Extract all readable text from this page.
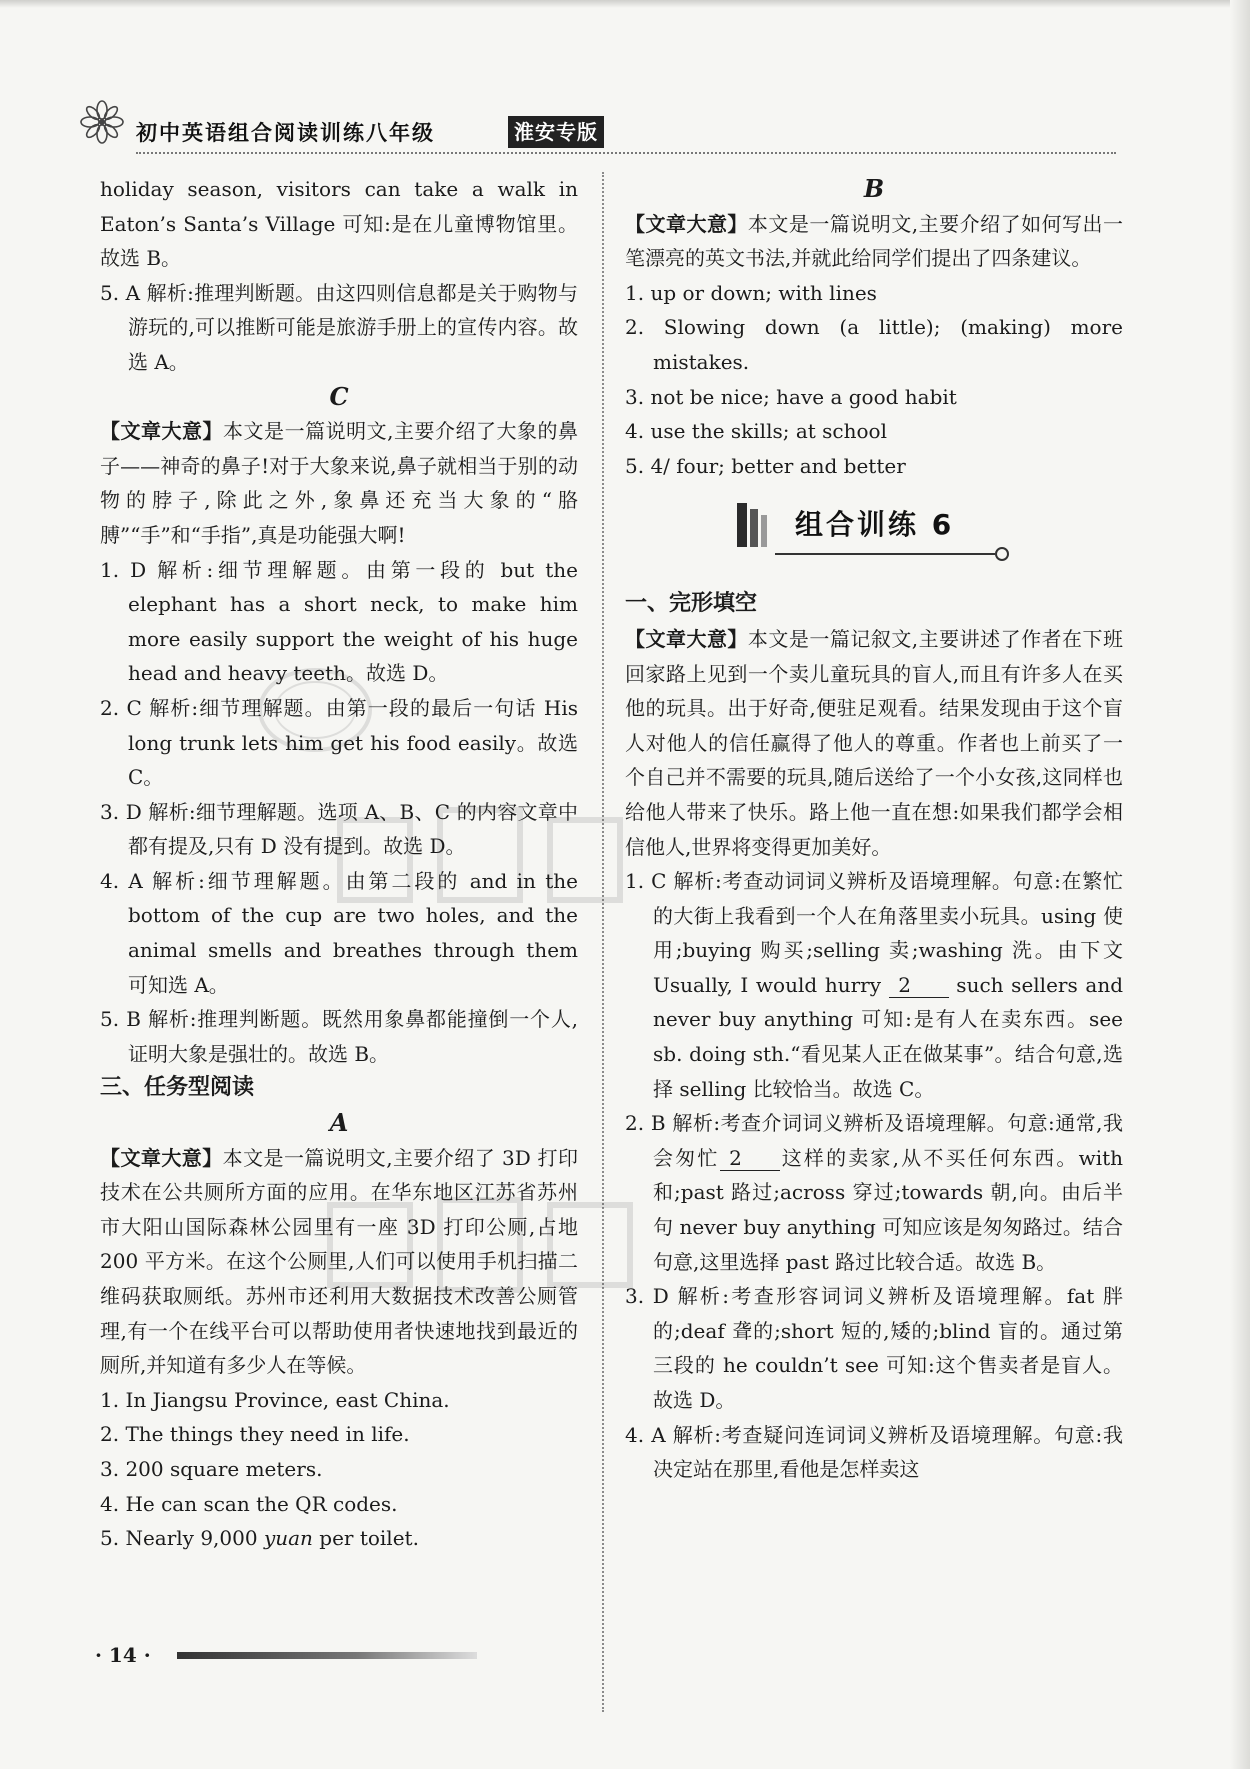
初中英语组合阅读训练八年级	淮安专版

holiday season, visitors can take a walk in Eaton’s Santa’s Village 可知:是在儿童博物馆里。故选 B。

5. A 解析:推理判断题。由这四则信息都是关于购物与游玩的,可以推断可能是旅游手册上的宣传内容。故选 A。

C

【文章大意】本文是一篇说明文,主要介绍了大象的鼻子——神奇的鼻子!对于大象来说,鼻子就相当于别的动物的脖子,除此之外,象鼻还充当大象的“胳膊”“手”和“手指”,真是功能强大啊!

1. D 解析:细节理解题。由第一段的 but the elephant has a short neck, to make him more easily support the weight of his huge head and heavy teeth。故选 D。

2. C 解析:细节理解题。由第一段的最后一句话 His long trunk lets him get his food easily。故选 C。

3. D 解析:细节理解题。选项 A、B、C 的内容文章中都有提及,只有 D 没有提到。故选 D。

4. A 解析:细节理解题。由第二段的 and in the bottom of the cup are two holes, and the animal smells and breathes through them 可知选 A。

5. B 解析:推理判断题。既然用象鼻都能撞倒一个人,证明大象是强壮的。故选 B。

三、任务型阅读

A

【文章大意】本文是一篇说明文,主要介绍了 3D 打印技术在公共厕所方面的应用。在华东地区江苏省苏州市大阳山国际森林公园里有一座 3D 打印公厕,占地 200 平方米。在这个公厕里,人们可以使用手机扫描二维码获取厕纸。苏州市还利用大数据技术改善公厕管理,有一个在线平台可以帮助使用者快速地找到最近的厕所,并知道有多少人在等候。

1. In Jiangsu Province, east China.

2. The things they need in life.

3. 200 square meters.

4. He can scan the QR codes.

5. Nearly 9,000 yuan per toilet.

B

【文章大意】本文是一篇说明文,主要介绍了如何写出一笔漂亮的英文书法,并就此给同学们提出了四条建议。

1. up or down; with lines

2. Slowing down (a little); (making) more mistakes.

3. not be nice; have a good habit

4. use the skills; at school

5. 4/ four; better and better

组合训练 6

一、完形填空

【文章大意】本文是一篇记叙文,主要讲述了作者在下班回家路上见到一个卖儿童玩具的盲人,而且有许多人在买他的玩具。出于好奇,便驻足观看。结果发现由于这个盲人对他人的信任赢得了他人的尊重。作者也上前买了一个自己并不需要的玩具,随后送给了一个小女孩,这同样也给他人带来了快乐。路上他一直在想:如果我们都学会相信他人,世界将变得更加美好。

1. C 解析:考查动词词义辨析及语境理解。句意:在繁忙的大街上我看到一个人在角落里卖小玩具。using 使用;buying 购买;selling 卖;washing 洗。由下文 Usually, I would hurry 2 such sellers and never buy anything 可知:是有人在卖东西。see sb. doing sth.“看见某人正在做某事”。结合句意,选择 selling 比较恰当。故选 C。

2. B 解析:考查介词词义辨析及语境理解。句意:通常,我会匆忙 2 这样的卖家,从不买任何东西。with 和;past 路过;across 穿过;towards 朝,向。由后半句 never buy anything 可知应该是匆匆路过。结合句意,这里选择 past 路过比较合适。故选 B。

3. D 解析:考查形容词词义辨析及语境理解。fat 胖的;deaf 聋的;short 短的,矮的;blind 盲的。通过第三段的 he couldn’t see 可知:这个售卖者是盲人。故选 D。

4. A 解析:考查疑问连词词义辨析及语境理解。句意:我决定站在那里,看他是怎样卖这

· 14 ·
